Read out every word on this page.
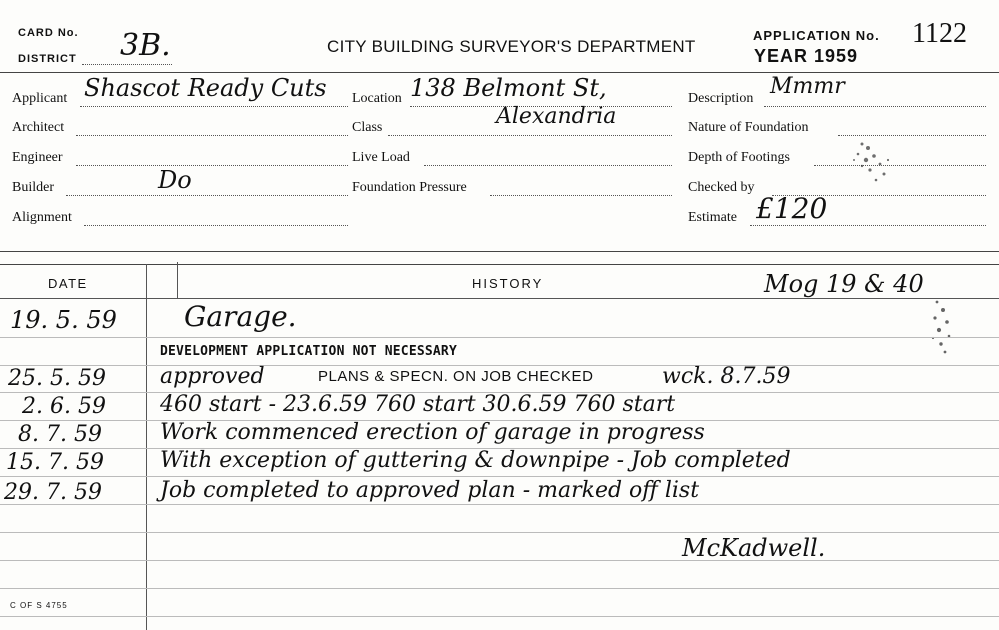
CARD No.
DISTRICT 3B.	CITY BUILDING SURVEYOR'S DEPARTMENT
APPLICATION No. 1122
YEAR 1959
Applicant Shascot Ready Cuts
Architect
Engineer
Builder	Do
Alignment
Location 138 Belmont St,
Class	Alexandria
Live Load
Foundation Pressure
Description Mmmr
Nature of Foundation
Depth of Footings
Checked by
Estimate £120
DATE	HISTORY	Mog 19 & 40
19. 5. 59 Garage.
DEVELOPMENT APPLICATION NOT NECESSARY
25. 5. 59 approved	PLANS & SPECN. ON JOB CHECKED	wck. 8.7.59
2. 6. 59 460 start - 23.6.59 760 start 30.6.59 760 start
8. 7. 59	Work commenced erection of garage in progress
15. 7. 59	With exception of guttering & downpipe - Job completed
29. 7. 59	Job completed to approved plan - marked off list
McKadwell.
C OF S 4755
